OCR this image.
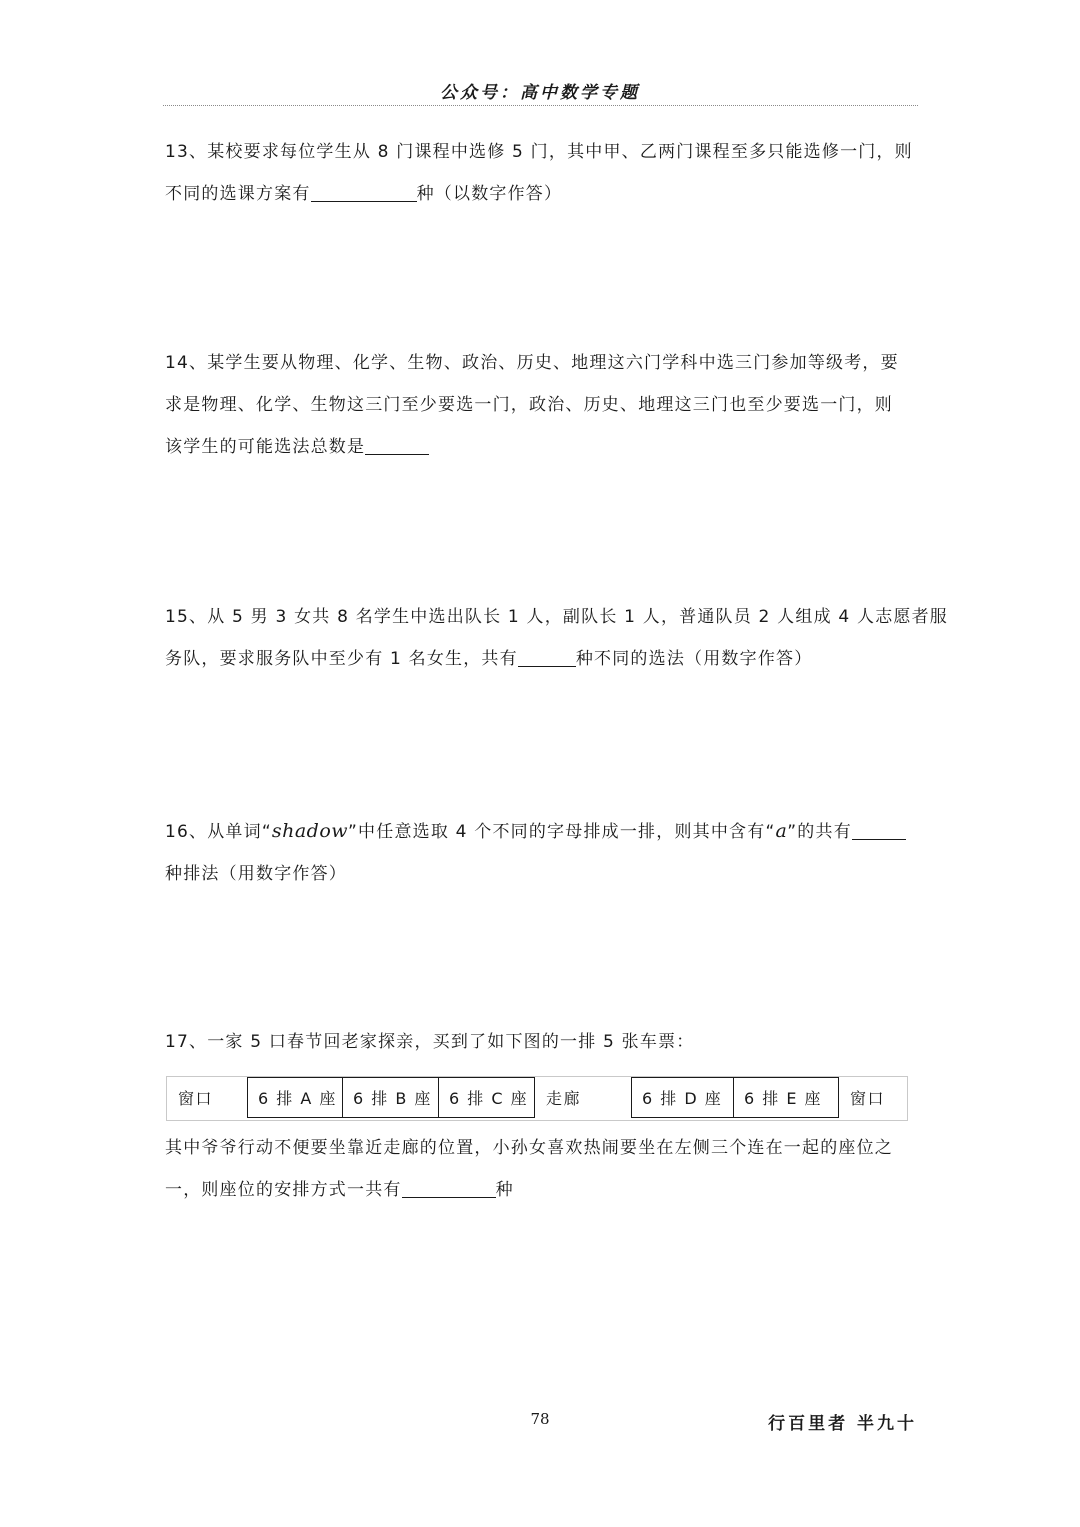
公众号：高中数学专题

13、某校要求每位学生从 8 门课程中选修 5 门，其中甲、乙两门课程至多只能选修一门，则

不同的选课方案有	种（以数字作答）

14、某学生要从物理、化学、生物、政治、历史、地理这六门学科中选三门参加等级考，要

求是物理、化学、生物这三门至少要选一门，政治、历史、地理这三门也至少要选一门，则

该学生的可能选法总数是

15、从 5 男 3 女共 8 名学生中选出队长 1 人，副队长 1 人，普通队员 2 人组成 4 人志愿者服

务队，要求服务队中至少有 1 名女生，共有	种不同的选法（用数字作答）

16、从单词“shadow”中任意选取 4 个不同的字母排成一排，则其中含有“a”的共有

种排法（用数字作答）

17、一家 5 口春节回老家探亲，买到了如下图的一排 5 张车票：

窗口	6 排 A 座	6 排 B 座	6 排 C 座	走廊	6 排 D 座	6 排 E 座	窗口

其中爷爷行动不便要坐靠近走廊的位置，小孙女喜欢热闹要坐在左侧三个连在一起的座位之

一，则座位的安排方式一共有	种

78	行百里者 半九十
